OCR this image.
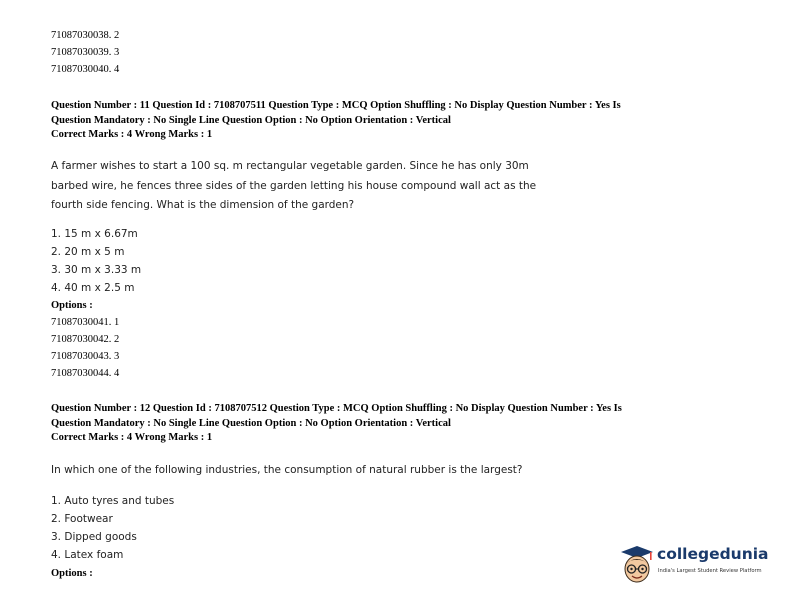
71087030038. 2
71087030039. 3
71087030040. 4
Question Number : 11 Question Id : 7108707511 Question Type : MCQ Option Shuffling : No Display Question Number : Yes Is
Question Mandatory : No Single Line Question Option : No Option Orientation : Vertical
Correct Marks : 4 Wrong Marks : 1
A farmer wishes to start a 100 sq. m rectangular vegetable garden. Since he has only 30m
barbed wire, he fences three sides of the garden letting his house compound wall act as the
fourth side fencing. What is the dimension of the garden?
1. 15 m x 6.67m
2. 20 m x 5 m
3. 30 m x 3.33 m
4. 40 m x 2.5 m
Options :
71087030041. 1
71087030042. 2
71087030043. 3
71087030044. 4
Question Number : 12 Question Id : 7108707512 Question Type : MCQ Option Shuffling : No Display Question Number : Yes Is
Question Mandatory : No Single Line Question Option : No Option Orientation : Vertical
Correct Marks : 4 Wrong Marks : 1
In which one of the following industries, the consumption of natural rubber is the largest?
1. Auto tyres and tubes
2. Footwear
3. Dipped goods
4. Latex foam
Options :
collegedunia
India's Largest Student Review Platform
